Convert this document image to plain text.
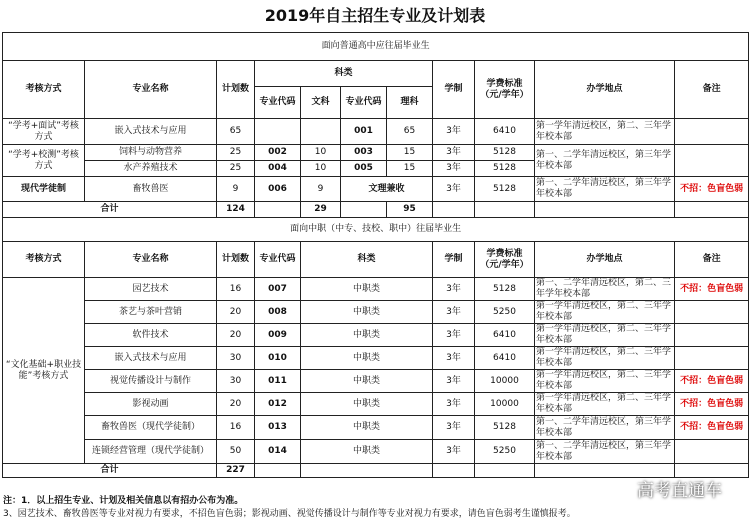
2019年自主招生专业及计划表
面向普通高中应往届毕业生										
考核方式	专业名称	计划数	科类				学制	学费标准（元/学年）	办学地点	备注
			专业代码	文科	专业代码	理科				
“学考+面试”考核方式	嵌入式技术与应用	65			001	65	3年	6410	第一学年清远校区，第二、三年学年校本部	
“学考+校测”考核方式	饲料与动物营养	25	002	10	003	15	3年	5128	第一、二学年清远校区，第三年学年校本部	
	水产养殖技术	25	004	10	005	15	3年	5128		
现代学徒制	畜牧兽医	9	006	9	文理兼收		3年	5128	第一、二学年清远校区，第三年学年校本部	不招：色盲色弱
合计		124		29		95				
面向中职（中专、技校、职中）往届毕业生										
考核方式	专业名称	计划数	专业代码	科类			学制	学费标准（元/学年）	办学地点	备注
“文化基础+职业技能”考核方式	园艺技术	16	007	中职类			3年	5128	第一、二学年清远校区，第二、三年学年校本部	不招：色盲色弱
	茶艺与茶叶营销	20	008	中职类			3年	5250	第一学年清远校区，第二、三年学年校本部	
	软件技术	20	009	中职类			3年	6410	第一学年清远校区，第二、三年学年校本部	
	嵌入式技术与应用	30	010	中职类			3年	6410	第一学年清远校区，第二、三年学年校本部	
	视觉传播设计与制作	30	011	中职类			3年	10000	第一学年清远校区，第二、三年学年校本部	不招：色盲色弱
	影视动画	20	012	中职类			3年	10000	第一学年清远校区，第二、三年学年校本部	不招：色盲色弱
	畜牧兽医（现代学徒制）	16	013	中职类			3年	5128	第一、二学年清远校区，第三年学年校本部	不招：色盲色弱
	连锁经营管理（现代学徒制）	50	014	中职类			3年	5250	第一、二学年清远校区，第三年学年校本部	
合计		227								
注：1．以上招生专业、计划及相关信息以有招办公布为准。
3、园艺技术、畜牧兽医等专业对视力有要求，不招色盲色弱；影视动画、视觉传播设计与制作等专业对视力有要求，请色盲色弱考生谨慎报考。
高考直通车
